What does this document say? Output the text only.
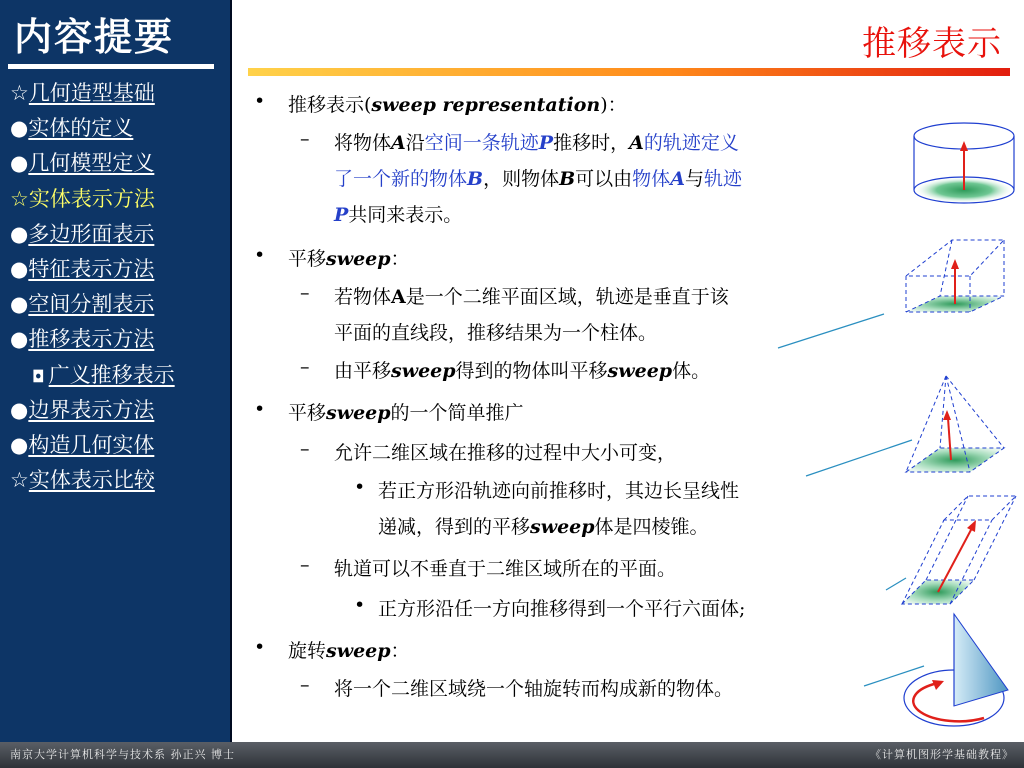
内容提要
☆几何造型基础
●实体的定义
●几何模型定义
☆实体表示方法
●多边形面表示
●特征表示方法
●空间分割表示
●推移表示方法
◘ 广义推移表示
●边界表示方法
●构造几何实体
☆实体表示比较
推移表示
• 推移表示(sweep representation)：
– 将物体A沿空间一条轨迹P推移时，A的轨迹定义
了一个新的物体B，则物体B可以由物体A与轨迹
P共同来表示。
• 平移sweep：
– 若物体A是一个二维平面区域，轨迹是垂直于该
平面的直线段，推移结果为一个柱体。
– 由平移sweep得到的物体叫平移sweep体。
• 平移sweep的一个简单推广
– 允许二维区域在推移的过程中大小可变，
• 若正方形沿轨迹向前推移时，其边长呈线性
递减，得到的平移sweep体是四棱锥。
– 轨道可以不垂直于二维区域所在的平面。
• 正方形沿任一方向推移得到一个平行六面体;
• 旋转sweep：
– 将一个二维区域绕一个轴旋转而构成新的物体。
南京大学计算机科学与技术系 孙正兴 博士	《计算机图形学基础教程》
